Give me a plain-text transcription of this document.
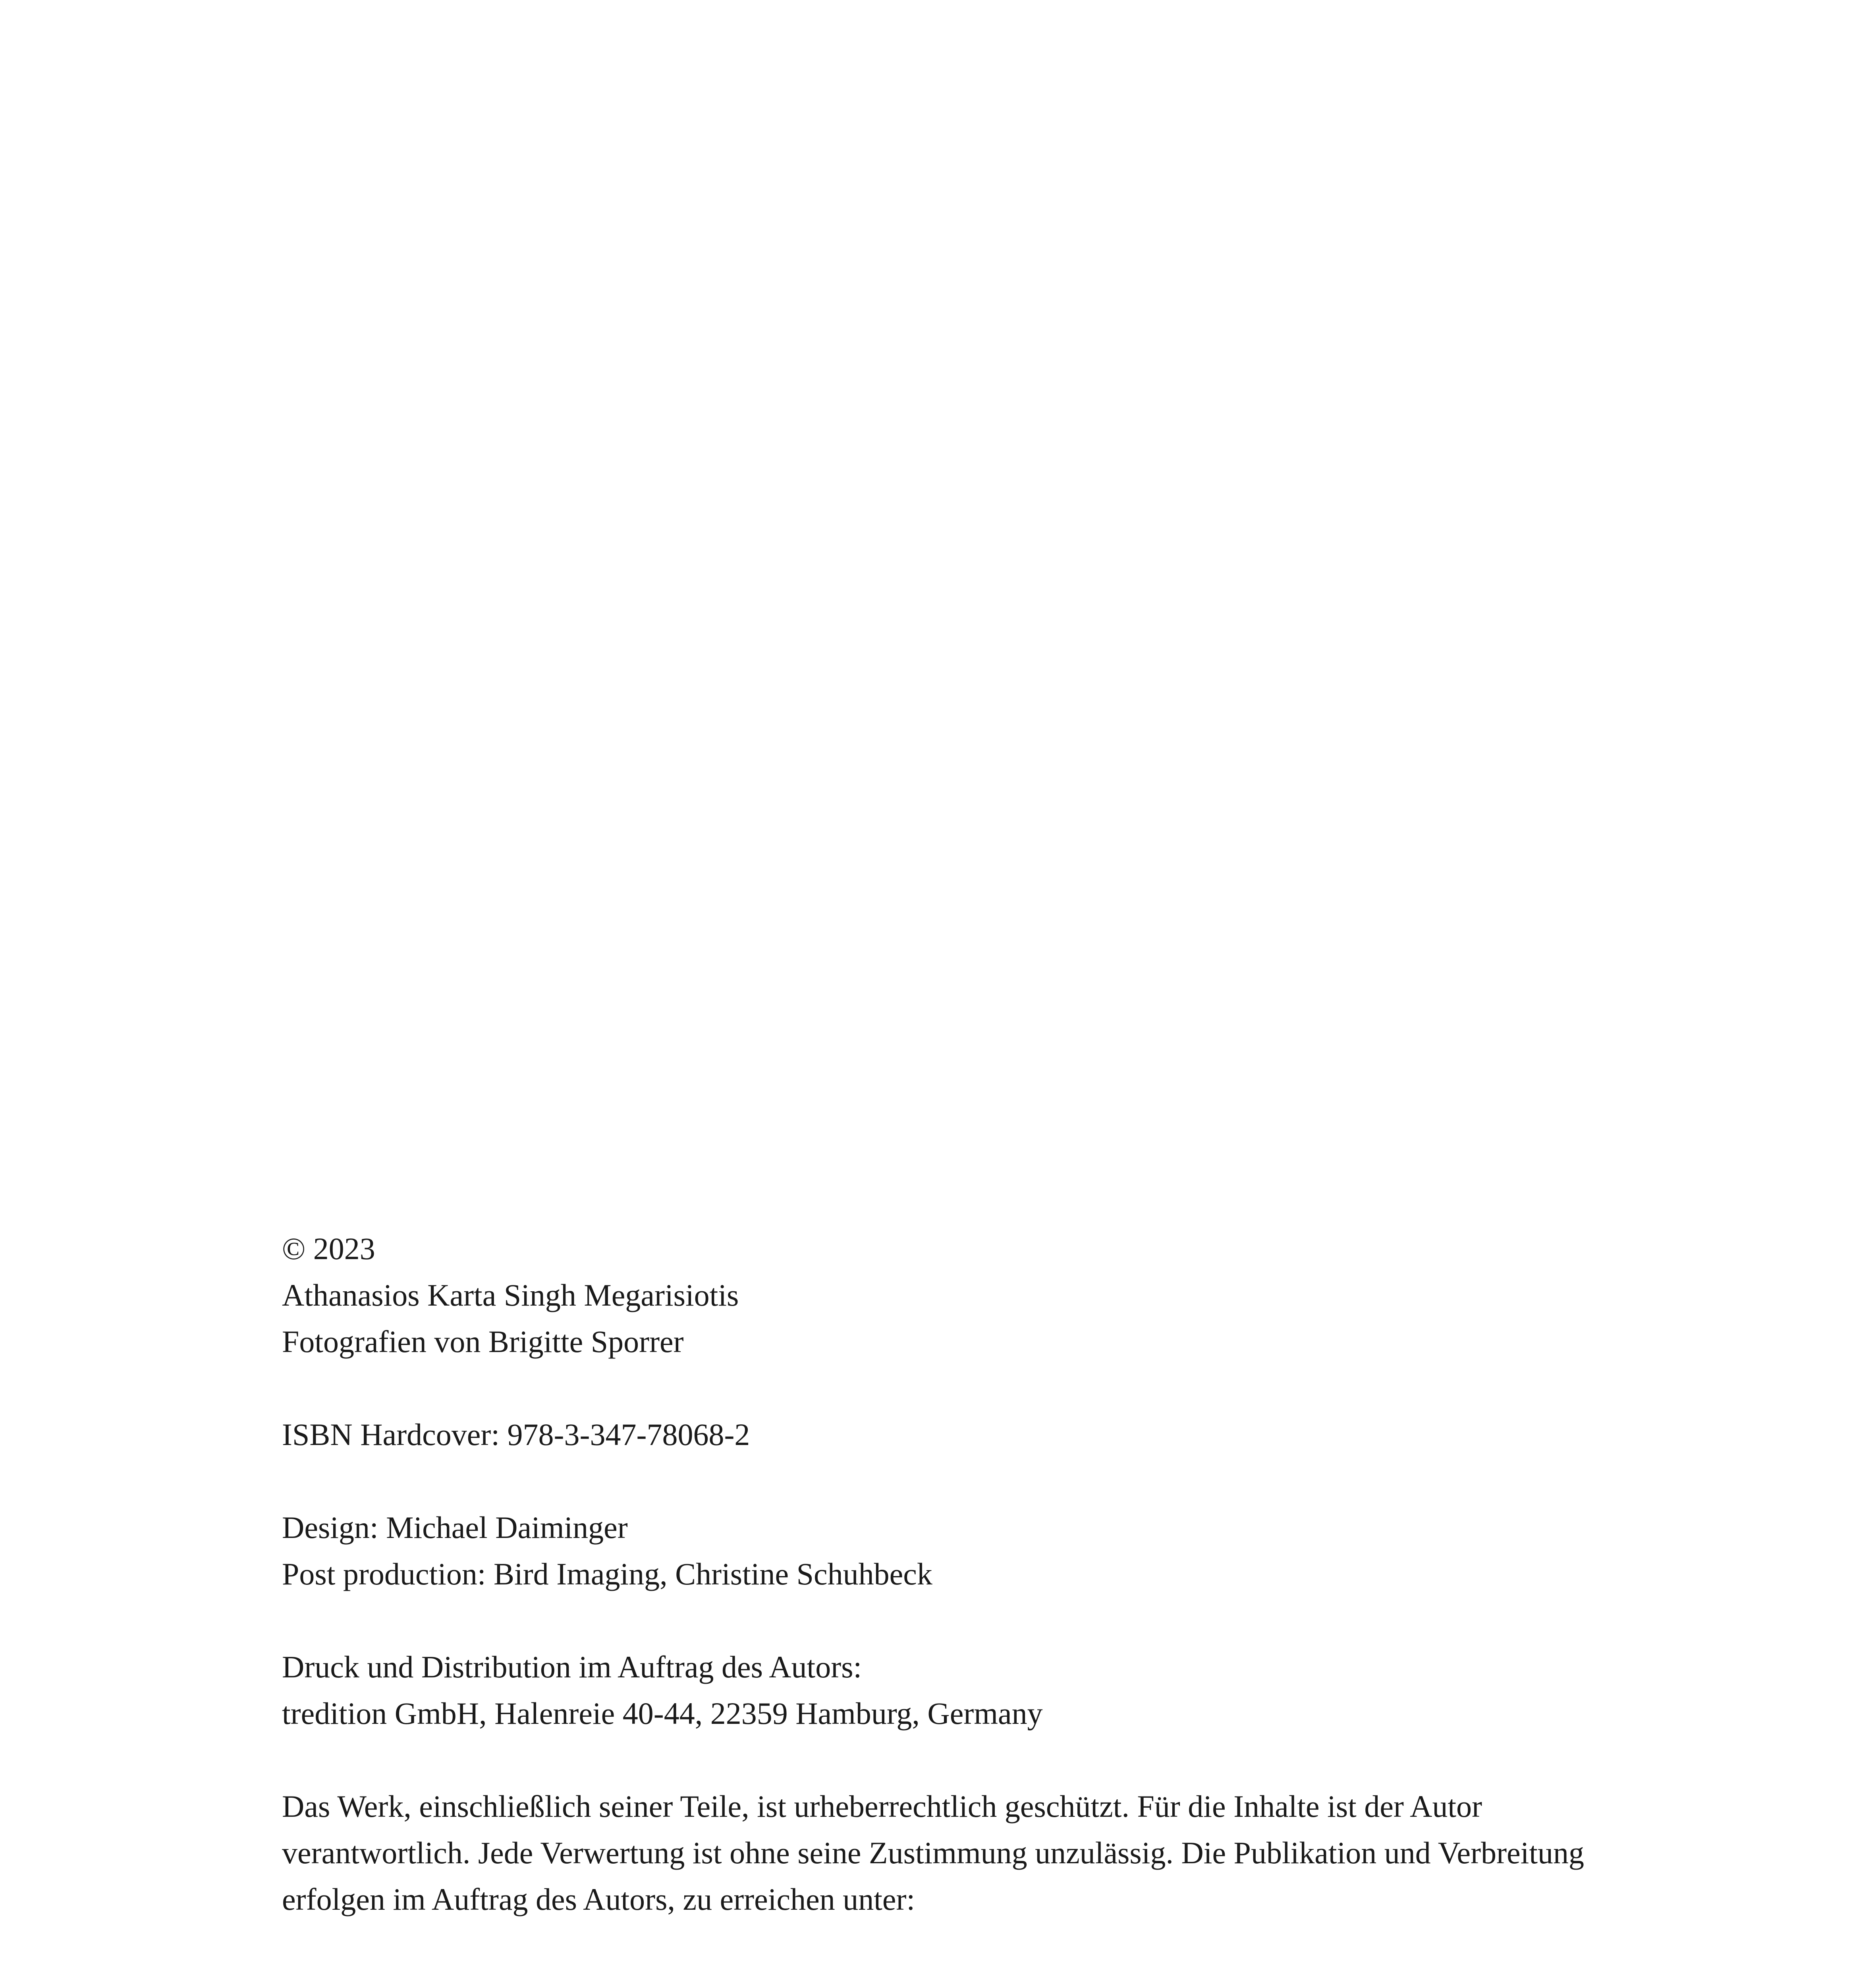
© 2023
Athanasios Karta Singh Megarisiotis
Fotografien von Brigitte Sporrer
ISBN Hardcover: 978-3-347-78068-2
Design: Michael Daiminger
Post production: Bird Imaging, Christine Schuhbeck
Druck und Distribution im Auftrag des Autors:
tredition GmbH, Halenreie 40-44, 22359 Hamburg, Germany
Das Werk, einschließlich seiner Teile, ist urheberrechtlich geschützt. Für die Inhalte ist der Autor verantwortlich. Jede Verwertung ist ohne seine Zustimmung unzulässig. Die Publikation und Verbreitung erfolgen im Auftrag des Autors, zu erreichen unter:
